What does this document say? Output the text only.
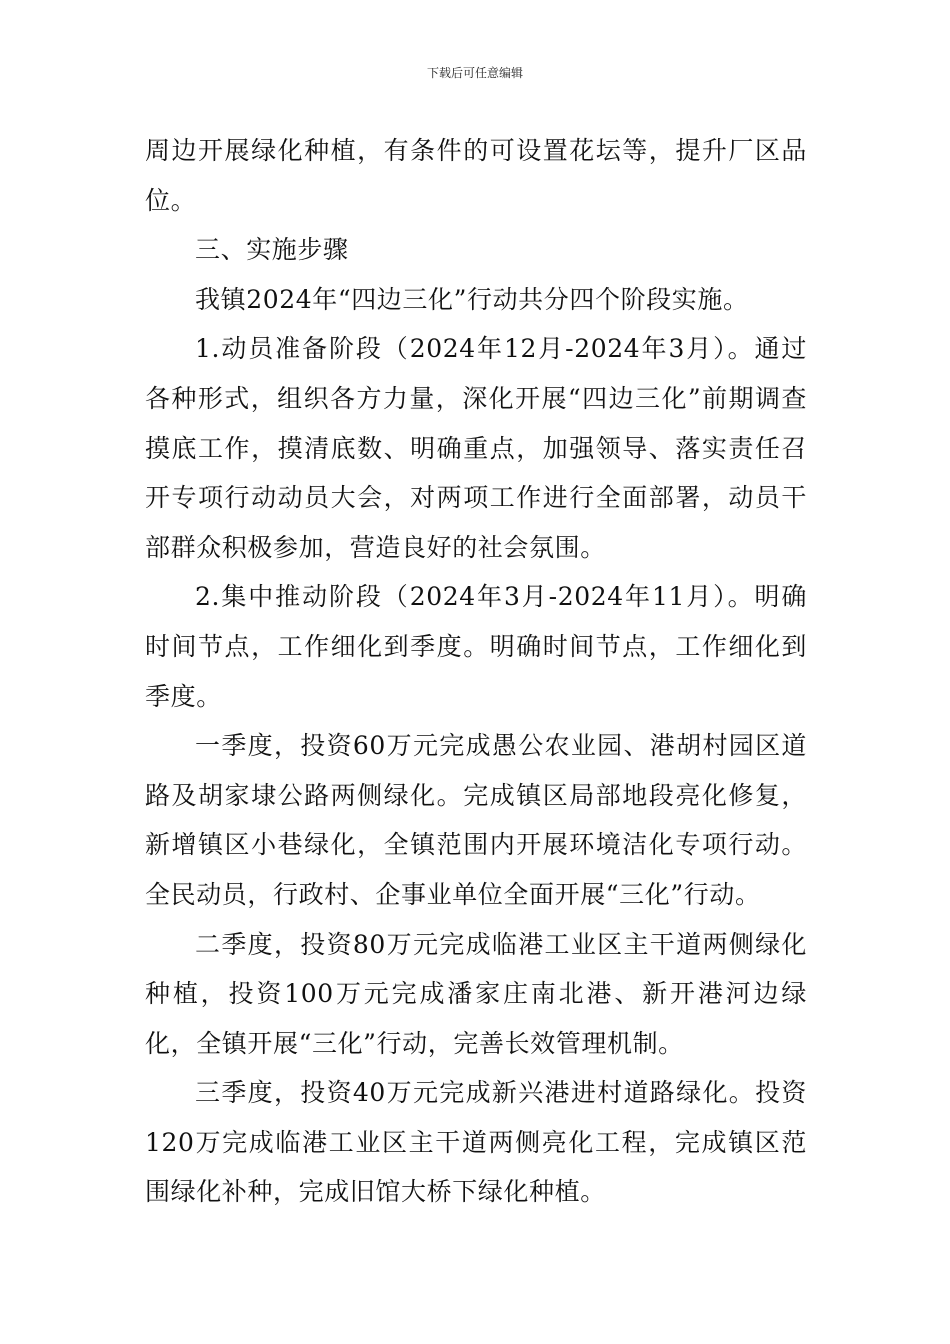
下载后可任意编辑

周边开展绿化种植，有条件的可设置花坛等，提升厂区品位。

三、实施步骤

我镇2024年“四边三化”行动共分四个阶段实施。

1.动员准备阶段（2024年12月-2024年3月）。通过各种形式，组织各方力量，深化开展“四边三化”前期调查摸底工作，摸清底数、明确重点，加强领导、落实责任召开专项行动动员大会，对两项工作进行全面部署，动员干部群众积极参加，营造良好的社会氛围。

2.集中推动阶段（2024年3月-2024年11月）。明确时间节点，工作细化到季度。明确时间节点，工作细化到季度。

一季度，投资60万元完成愚公农业园、港胡村园区道路及胡家埭公路两侧绿化。完成镇区局部地段亮化修复，新增镇区小巷绿化，全镇范围内开展环境洁化专项行动。全民动员，行政村、企事业单位全面开展“三化”行动。

二季度，投资80万元完成临港工业区主干道两侧绿化种植，投资100万元完成潘家庄南北港、新开港河边绿化，全镇开展“三化”行动，完善长效管理机制。

三季度，投资40万元完成新兴港进村道路绿化。投资120万完成临港工业区主干道两侧亮化工程，完成镇区范围绿化补种，完成旧馆大桥下绿化种植。
